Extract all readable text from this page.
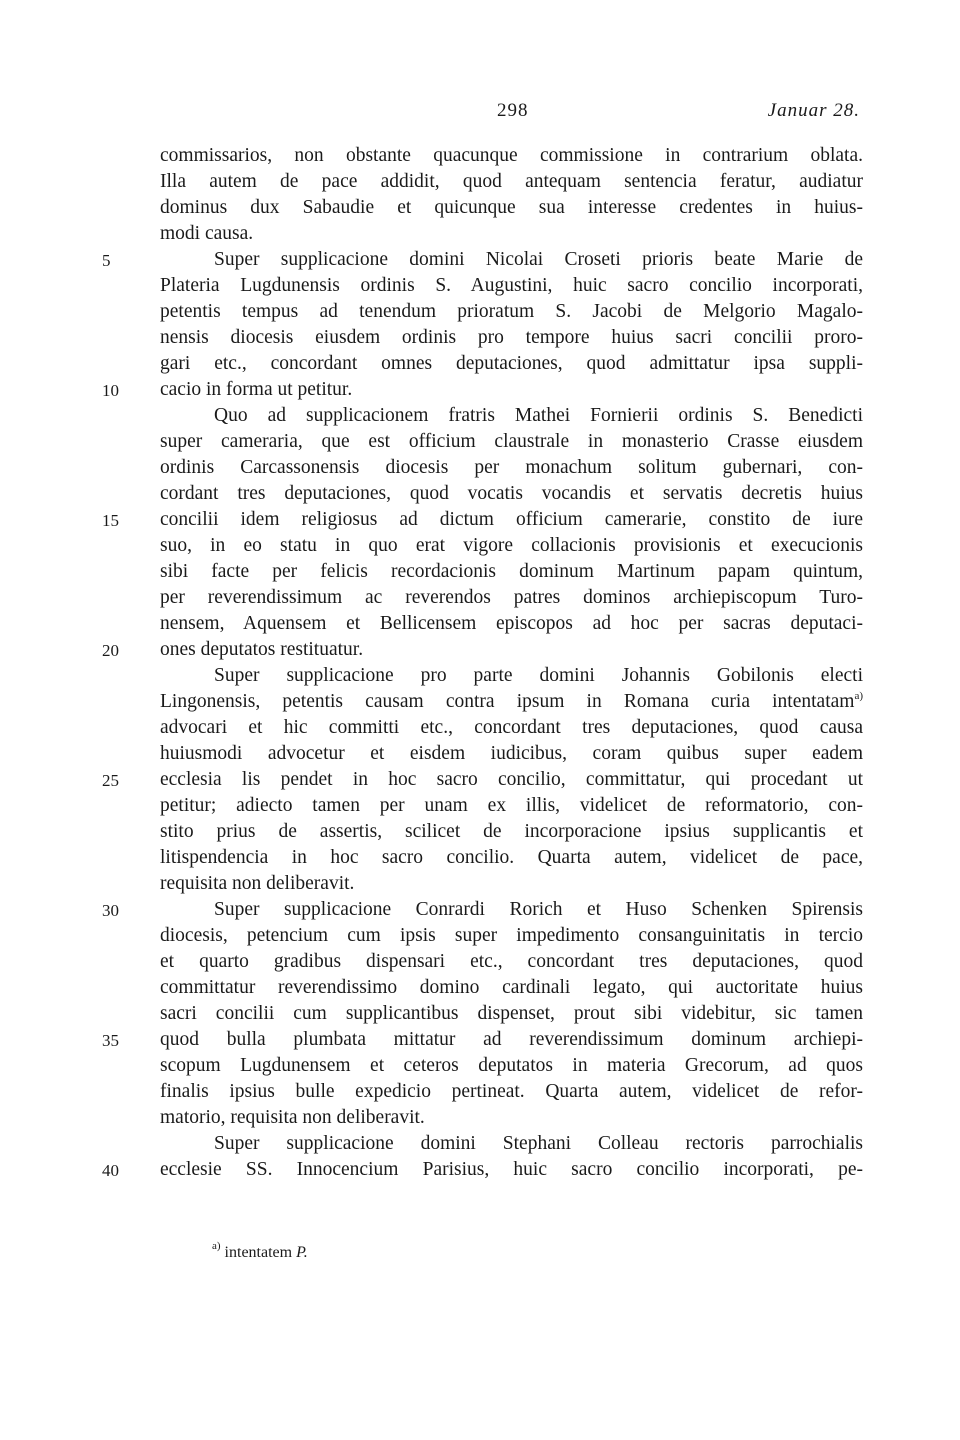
298	Januar 28.
commissarios, non obstante quacunque commissione in contrarium oblata.
Illa autem de pace addidit, quod antequam sentencia feratur, audiatur
dominus dux Sabaudie et quicunque sua interesse credentes in huius-
modi causa.
Super supplicacione domini Nicolai Croseti prioris beate Marie de
Plateria Lugdunensis ordinis S. Augustini, huic sacro concilio incorporati,
petentis tempus ad tenendum prioratum S. Jacobi de Melgorio Magalo-
nensis diocesis eiusdem ordinis pro tempore huius sacri concilii proro-
gari etc., concordant omnes deputaciones, quod admittatur ipsa suppli-
cacio in forma ut petitur.
Quo ad supplicacionem fratris Mathei Fornierii ordinis S. Benedicti
super cameraria, que est officium claustrale in monasterio Crasse eiusdem
ordinis Carcassonensis diocesis per monachum solitum gubernari, con-
cordant tres deputaciones, quod vocatis vocandis et servatis decretis huius
concilii idem religiosus ad dictum officium camerarie, constito de iure
suo, in eo statu in quo erat vigore collacionis provisionis et execucionis
sibi facte per felicis recordacionis dominum Martinum papam quintum,
per reverendissimum ac reverendos patres dominos archiepiscopum Turo-
nensem, Aquensem et Bellicensem episcopos ad hoc per sacras deputaci-
ones deputatos restituatur.
Super supplicacione pro parte domini Johannis Gobilonis electi
Lingonensis, petentis causam contra ipsum in Romana curia intentatam$^{a)}$
advocari et hic committi etc., concordant tres deputaciones, quod causa
huiusmodi advocetur et eisdem iudicibus, coram quibus super eadem
ecclesia lis pendet in hoc sacro concilio, committatur, qui procedant ut
petitur; adiecto tamen per unam ex illis, videlicet de reformatorio, con-
stito prius de assertis, scilicet de incorporacione ipsius supplicantis et
litispendencia in hoc sacro concilio. Quarta autem, videlicet de pace,
requisita non deliberavit.
Super supplicacione Conrardi Rorich et Huso Schenken Spirensis
diocesis, petencium cum ipsis super impedimento consanguinitatis in tercio
et quarto gradibus dispensari etc., concordant tres deputaciones, quod
committatur reverendissimo domino cardinali legato, qui auctoritate huius
sacri concilii cum supplicantibus dispenset, prout sibi videbitur, sic tamen
quod bulla plumbata mittatur ad reverendissimum dominum archiepi-
scopum Lugdunensem et ceteros deputatos in materia Grecorum, ad quos
finalis ipsius bulle expedicio pertineat. Quarta autem, videlicet de refor-
matorio, requisita non deliberavit.
Super supplicacione domini Stephani Colleau rectoris parrochialis
ecclesie SS. Innocencium Parisius, huic sacro concilio incorporati, pe-
5
10
15
20
25
30
35
40
$^{a)}$ intentatem P.
